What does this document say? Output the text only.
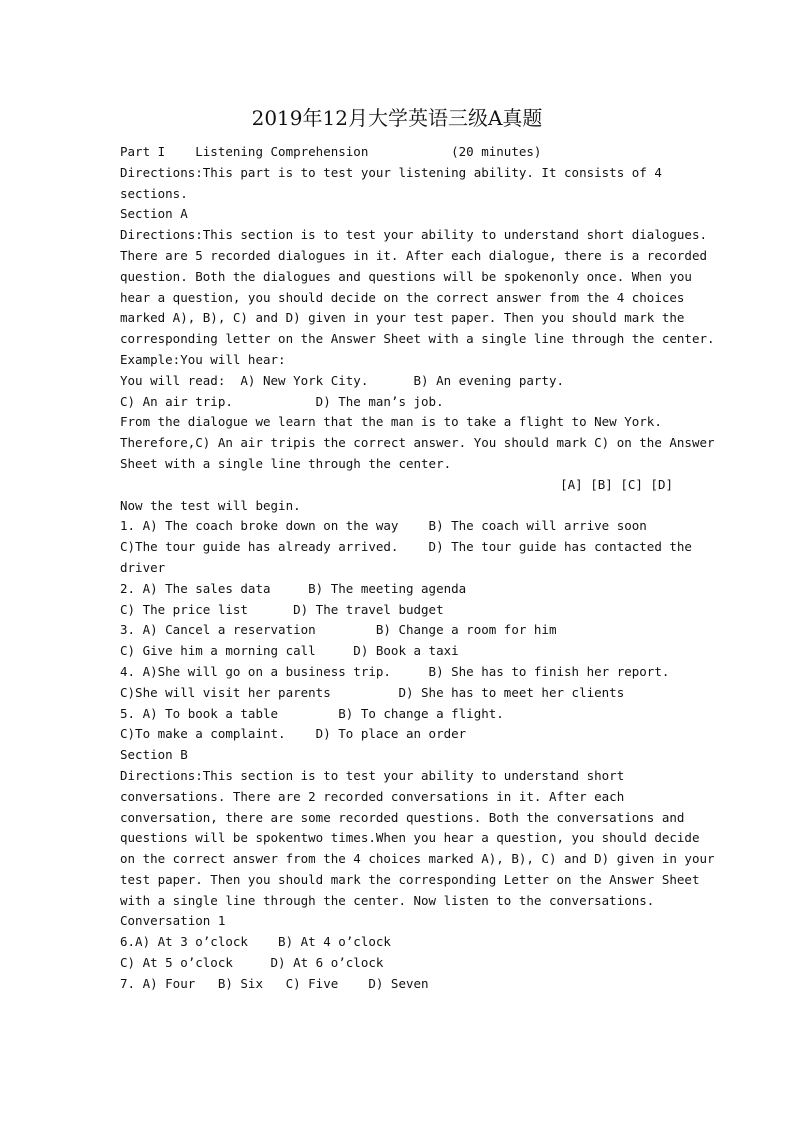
2019年12月大学英语三级A真题
Part I    Listening Comprehension           (20 minutes)
Directions:This part is to test your listening ability. It consists of 4
sections.
Section A
Directions:This section is to test your ability to understand short dialogues.
There are 5 recorded dialogues in it. After each dialogue, there is a recorded
question. Both the dialogues and questions will be spokenonly once. When you
hear a question, you should decide on the correct answer from the 4 choices
marked A), B), C) and D) given in your test paper. Then you should mark the
corresponding letter on the Answer Sheet with a single line through the center.
Example:You will hear:
You will read:  A) New York City.      B) An evening party.
C) An air trip.           D) The man’s job.
From the dialogue we learn that the man is to take a flight to New York.
Therefore,C) An air tripis the correct answer. You should mark C) on the Answer
Sheet with a single line through the center.
[A] [B] [C] [D]
Now the test will begin.
1. A) The coach broke down on the way    B) The coach will arrive soon
C)The tour guide has already arrived.    D) The tour guide has contacted the
driver
2. A) The sales data     B) The meeting agenda
C) The price list      D) The travel budget
3. A) Cancel a reservation        B) Change a room for him
C) Give him a morning call     D) Book a taxi
4. A)She will go on a business trip.     B) She has to finish her report.
C)She will visit her parents         D) She has to meet her clients
5. A) To book a table        B) To change a flight.
C)To make a complaint.    D) To place an order
Section B
Directions:This section is to test your ability to understand short
conversations. There are 2 recorded conversations in it. After each
conversation, there are some recorded questions. Both the conversations and
questions will be spokentwo times.When you hear a question, you should decide
on the correct answer from the 4 choices marked A), B), C) and D) given in your
test paper. Then you should mark the corresponding Letter on the Answer Sheet
with a single line through the center. Now listen to the conversations.
Conversation 1
6.A) At 3 o’clock    B) At 4 o’clock
C) At 5 o’clock     D) At 6 o’clock
7. A) Four   B) Six   C) Five    D) Seven
